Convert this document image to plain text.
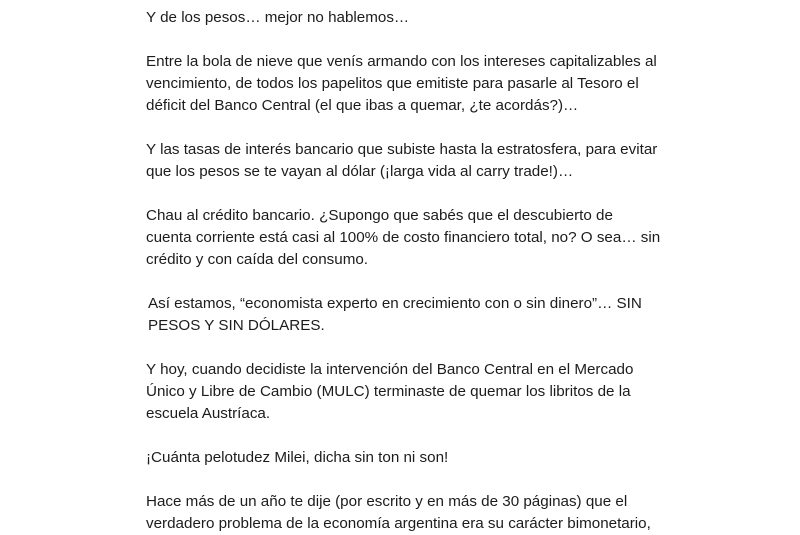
Y de los pesos… mejor no hablemos…

Entre la bola de nieve que venís armando con los intereses capitalizables al
vencimiento, de todos los papelitos que emitiste para pasarle al Tesoro el
déficit del Banco Central (el que ibas a quemar, ¿te acordás?)…

Y las tasas de interés bancario que subiste hasta la estratosfera, para evitar
que los pesos se te vayan al dólar (¡larga vida al carry trade!)…

Chau al crédito bancario. ¿Supongo que sabés que el descubierto de
cuenta corriente está casi al 100% de costo financiero total, no? O sea… sin
crédito y con caída del consumo.

Así estamos, “economista experto en crecimiento con o sin dinero”… SIN
PESOS Y SIN DÓLARES.

Y hoy, cuando decidiste la intervención del Banco Central en el Mercado
Único y Libre de Cambio (MULC) terminaste de quemar los libritos de la
escuela Austríaca.

¡Cuánta pelotudez Milei, dicha sin ton ni son!

Hace más de un año te dije (por escrito y en más de 30 páginas) que el
verdadero problema de la economía argentina era su carácter bimonetario,
